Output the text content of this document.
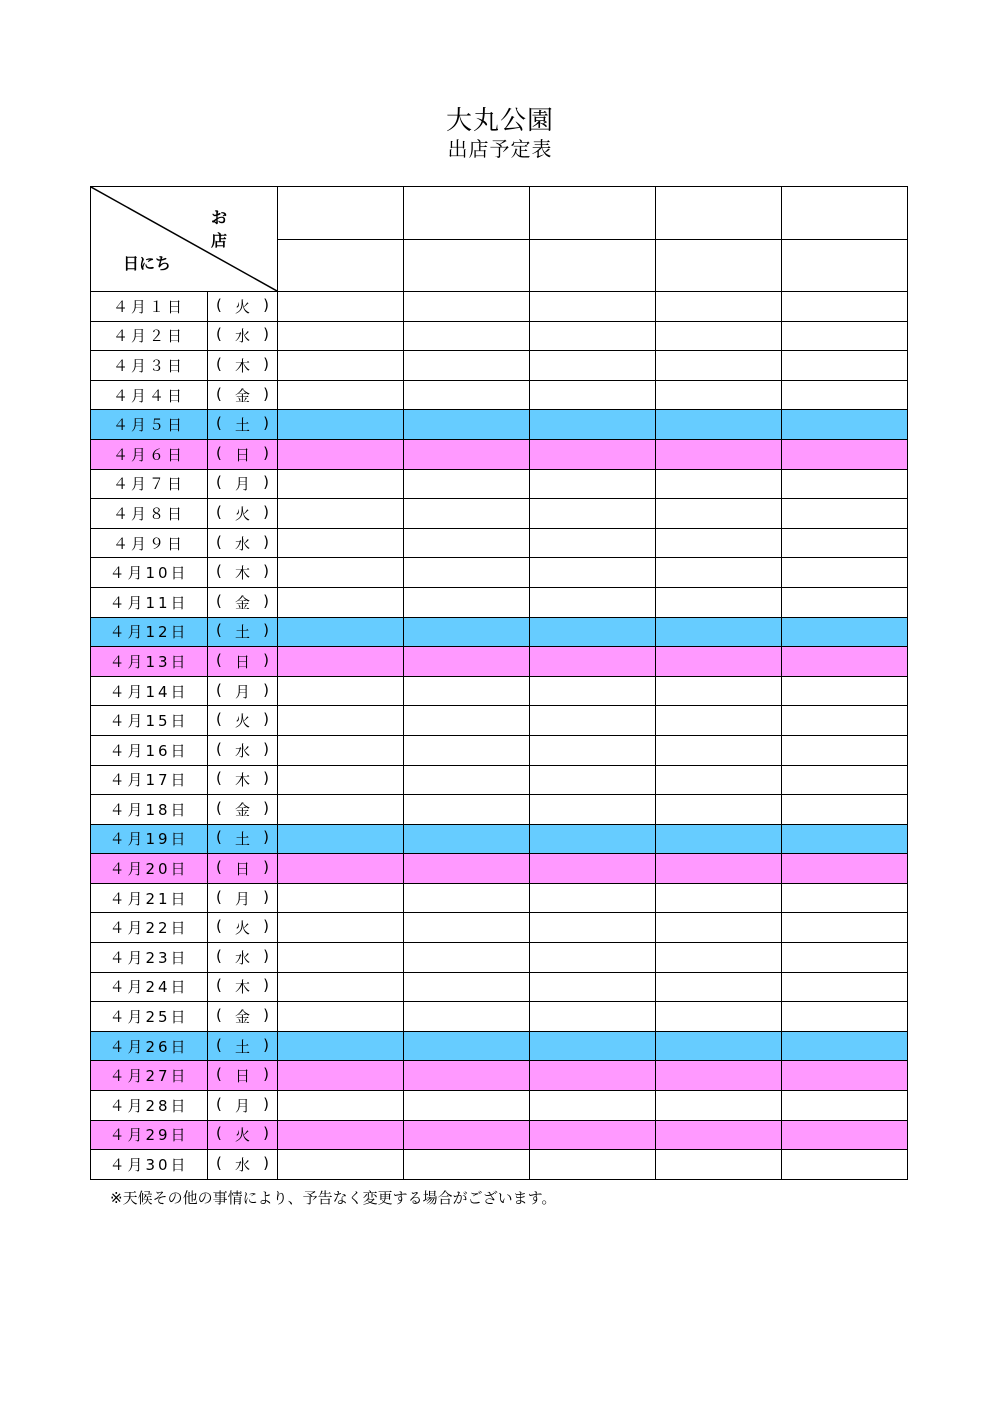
大丸公園
出店予定表
お 店
日にち						

４月１日	( 火 )					

４月２日	( 水 )					

４月３日	( 木 )					

４月４日	( 金 )					

４月５日	( 土 )					

４月６日	( 日 )					

４月７日	( 月 )					

４月８日	( 火 )					

４月９日	( 水 )					

４月10日	( 木 )					

４月11日	( 金 )					

４月12日	( 土 )					

４月13日	( 日 )					

４月14日	( 月 )					

４月15日	( 火 )					

４月16日	( 水 )					

４月17日	( 木 )					

４月18日	( 金 )					

４月19日	( 土 )					

４月20日	( 日 )					

４月21日	( 月 )					

４月22日	( 火 )					

４月23日	( 水 )					

４月24日	( 木 )					

４月25日	( 金 )					

４月26日	( 土 )					

４月27日	( 日 )					

４月28日	( 月 )					

４月29日	( 火 )					

４月30日	( 水 )					

※天候その他の事情により、予告なく変更する場合がございます。
